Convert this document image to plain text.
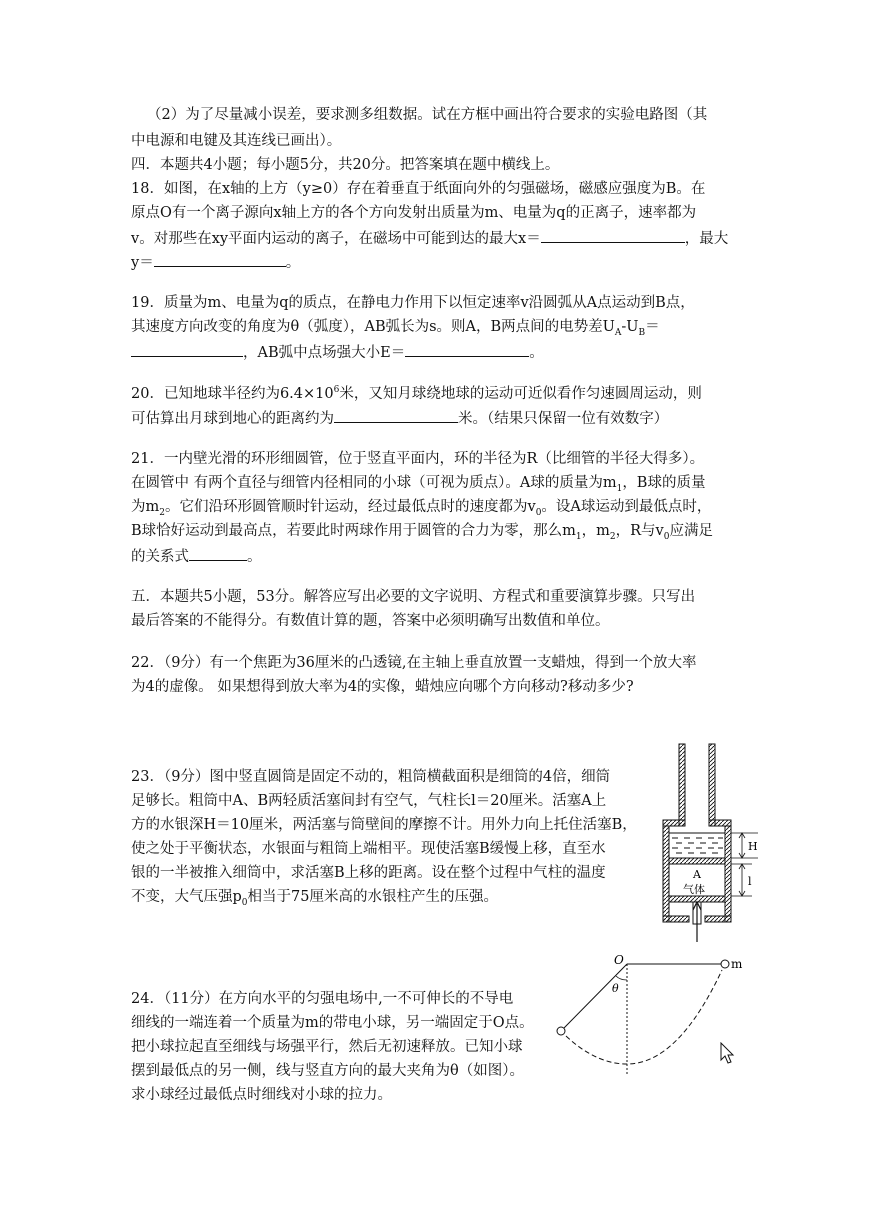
（2）为了尽量减小误差，要求测多组数据。试在方框中画出符合要求的实验电路图（其
中电源和电键及其连线已画出）。
四．本题共4小题；每小题5分，共20分。把答案填在题中横线上。
18．如图，在x轴的上方（y≥0）存在着垂直于纸面向外的匀强磁场，磁感应强度为B。在
原点O有一个离子源向x轴上方的各个方向发射出质量为m、电量为q的正离子，速率都为
v。对那些在xy平面内运动的离子，在磁场中可能到达的最大x＝	，最大
y＝	。
19．质量为m、电量为q的质点，在静电力作用下以恒定速率v沿圆弧从A点运动到B点，
其速度方向改变的角度为θ（弧度），AB弧长为s。则A，B两点间的电势差$U_A-U_B=$
，AB弧中点场强大小E＝	。
20．已知地球半径约为$6.4\times 10^6$米，又知月球绕地球的运动可近似看作匀速圆周运动，则
可估算出月球到地心的距离约为	米。（结果只保留一位有效数字）
21．一内壁光滑的环形细圆管，位于竖直平面内，环的半径为R（比细管的半径大得多）。
在圆管中 有两个直径与细管内径相同的小球（可视为质点）。A球的质量为$m_1$，B球的质量
为$m_2$。它们沿环形圆管顺时针运动，经过最低点时的速度都为$v_0$。设A球运动到最低点时，
B球恰好运动到最高点，若要此时两球作用于圆管的合力为零，那么$m_1$，$m_2$，R与$v_0$应满足
的关系式	。
五．本题共5小题，53分。解答应写出必要的文字说明、方程式和重要演算步骤。只写出
最后答案的不能得分。有数值计算的题，答案中必须明确写出数值和单位。
22．（9分）有一个焦距为36厘米的凸透镜,在主轴上垂直放置一支蜡烛，得到一个放大率
为4的虚像。 如果想得到放大率为4的实像，蜡烛应向哪个方向移动?移动多少?
23．（9分）图中竖直圆筒是固定不动的，粗筒横截面积是细筒的4倍，细筒
足够长。粗筒中A、B两轻质活塞间封有空气，气柱长l＝20厘米。活塞A上
方的水银深H＝10厘米，两活塞与筒壁间的摩擦不计。用外力向上托住活塞B，
使之处于平衡状态，水银面与粗筒上端相平。现使活塞B缓慢上移，直至水
银的一半被推入细筒中，求活塞B上移的距离。设在整个过程中气柱的温度
不变，大气压强$p_0$相当于75厘米高的水银柱产生的压强。
A
气体
H
l
24．（11分）在方向水平的匀强电场中,一不可伸长的不导电
细线的一端连着一个质量为m的带电小球，另一端固定于O点。
把小球拉起直至细线与场强平行，然后无初速释放。已知小球
摆到最低点的另一侧，线与竖直方向的最大夹角为θ（如图）。
求小球经过最低点时细线对小球的拉力。
O	m
θ
